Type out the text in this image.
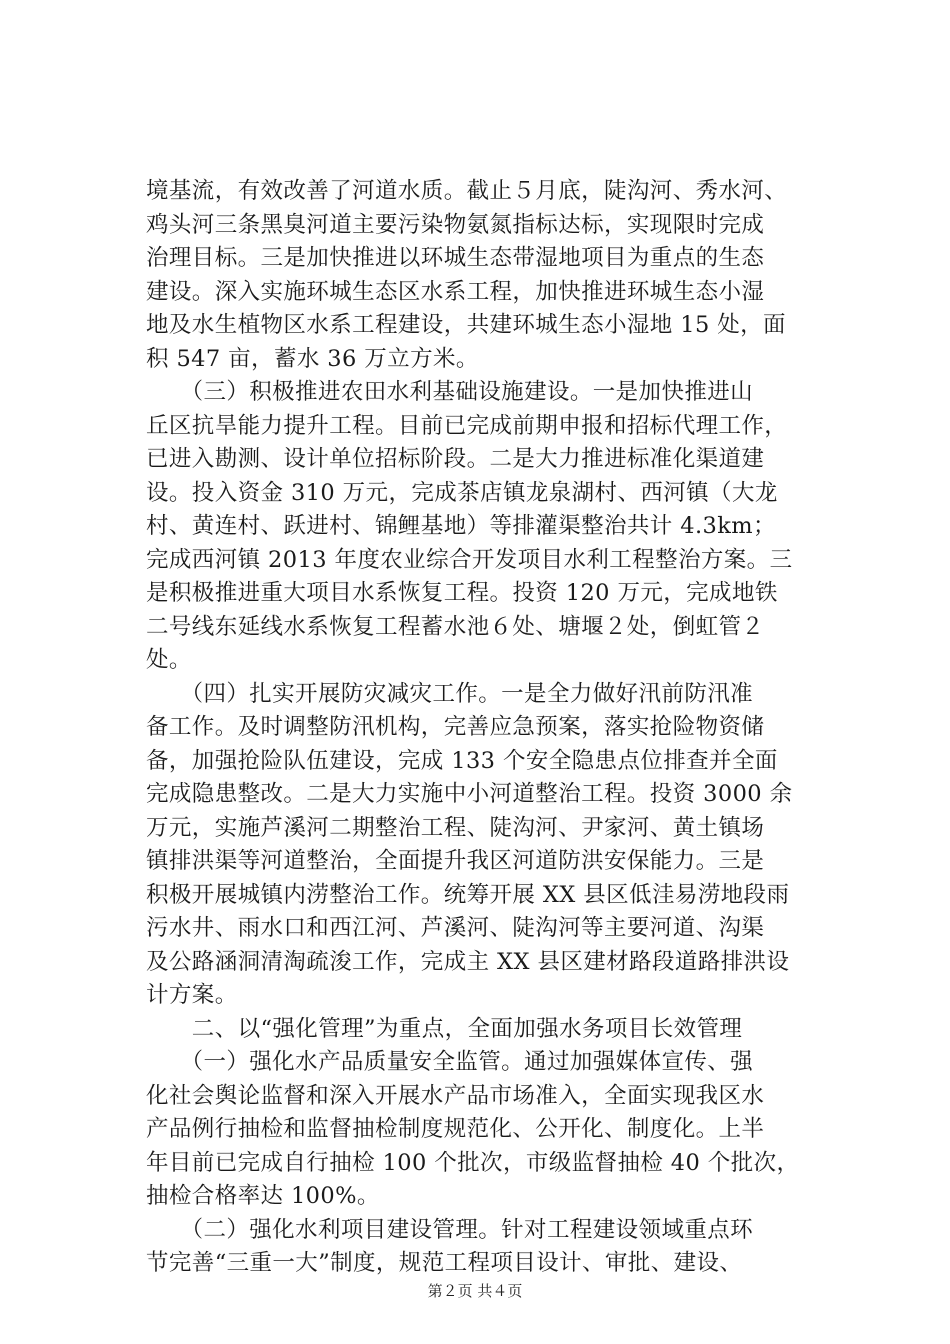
境基流，有效改善了河道水质。截止５月底，陡沟河、秀水河、
鸡头河三条黑臭河道主要污染物氨氮指标达标，实现限时完成
治理目标。三是加快推进以环城生态带湿地项目为重点的生态
建设。深入实施环城生态区水系工程，加快推进环城生态小湿
地及水生植物区水系工程建设，共建环城生态小湿地 15 处，面
积 547 亩，蓄水 36 万立方米。
　　（三）积极推进农田水利基础设施建设。一是加快推进山
丘区抗旱能力提升工程。目前已完成前期申报和招标代理工作，
已进入勘测、设计单位招标阶段。二是大力推进标准化渠道建
设。投入资金 310 万元，完成茶店镇龙泉湖村、西河镇（大龙
村、黄连村、跃进村、锦鲤基地）等排灌渠整治共计 4.3km；
完成西河镇 2013 年度农业综合开发项目水利工程整治方案。三
是积极推进重大项目水系恢复工程。投资 120 万元，完成地铁
二号线东延线水系恢复工程蓄水池６处、塘堰２处，倒虹管２
处。
　　（四）扎实开展防灾减灾工作。一是全力做好汛前防汛准
备工作。及时调整防汛机构，完善应急预案，落实抢险物资储
备，加强抢险队伍建设，完成 133 个安全隐患点位排查并全面
完成隐患整改。二是大力实施中小河道整治工程。投资 3000 余
万元，实施芦溪河二期整治工程、陡沟河、尹家河、黄土镇场
镇排洪渠等河道整治，全面提升我区河道防洪安保能力。三是
积极开展城镇内涝整治工作。统筹开展 XX 县区低洼易涝地段雨
污水井、雨水口和西江河、芦溪河、陡沟河等主要河道、沟渠
及公路涵洞清淘疏浚工作，完成主 XX 县区建材路段道路排洪设
计方案。
　　二、以“强化管理”为重点，全面加强水务项目长效管理
　　（一）强化水产品质量安全监管。通过加强媒体宣传、强
化社会舆论监督和深入开展水产品市场准入，全面实现我区水
产品例行抽检和监督抽检制度规范化、公开化、制度化。上半
年目前已完成自行抽检 100 个批次，市级监督抽检 40 个批次，
抽检合格率达 100%。
　　（二）强化水利项目建设管理。针对工程建设领域重点环
节完善“三重一大”制度，规范工程项目设计、审批、建设、
第２页 共４页
